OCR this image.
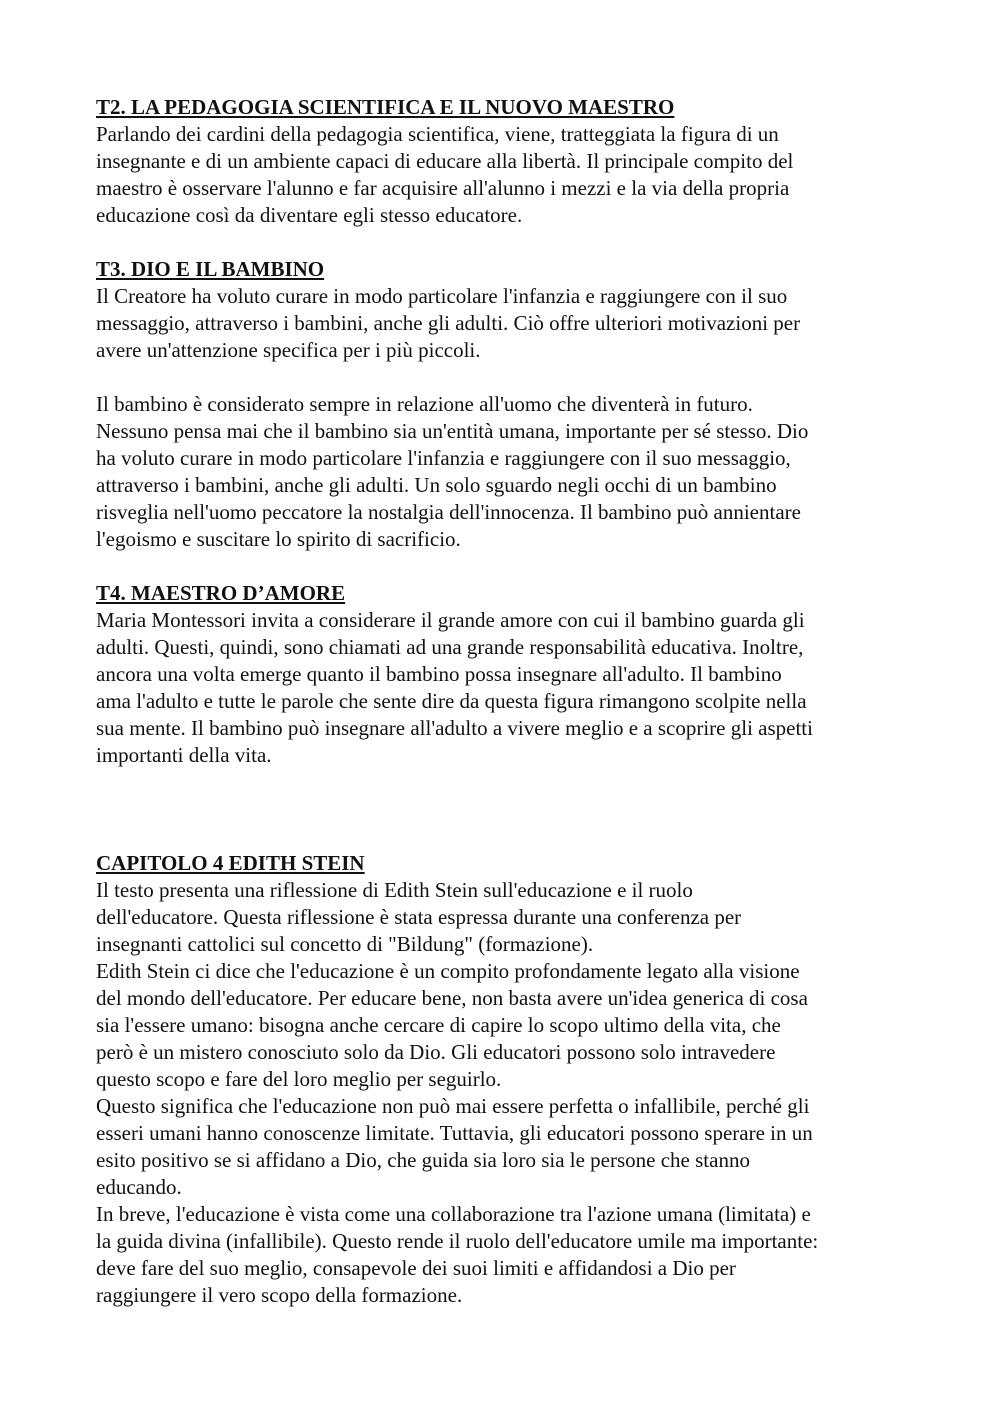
T2. LA PEDAGOGIA SCIENTIFICA E IL NUOVO MAESTRO

Parlando dei cardini della pedagogia scientifica, viene, tratteggiata la figura di un
insegnante e di un ambiente capaci di educare alla libertà. Il principale compito del
maestro è osservare l'alunno e far acquisire all'alunno i mezzi e la via della propria
educazione così da diventare egli stesso educatore.

T3. DIO E IL BAMBINO

Il Creatore ha voluto curare in modo particolare l'infanzia e raggiungere con il suo
messaggio, attraverso i bambini, anche gli adulti. Ciò offre ulteriori motivazioni per
avere un'attenzione specifica per i più piccoli.
Il bambino è considerato sempre in relazione all'uomo che diventerà in futuro.
Nessuno pensa mai che il bambino sia un'entità umana, importante per sé stesso. Dio
ha voluto curare in modo particolare l'infanzia e raggiungere con il suo messaggio,
attraverso i bambini, anche gli adulti. Un solo sguardo negli occhi di un bambino
risveglia nell'uomo peccatore la nostalgia dell'innocenza. Il bambino può annientare
l'egoismo e suscitare lo spirito di sacrificio.

T4. MAESTRO D’AMORE

Maria Montessori invita a considerare il grande amore con cui il bambino guarda gli
adulti. Questi, quindi, sono chiamati ad una grande responsabilità educativa. Inoltre,
ancora una volta emerge quanto il bambino possa insegnare all'adulto. Il bambino
ama l'adulto e tutte le parole che sente dire da questa figura rimangono scolpite nella
sua mente. Il bambino può insegnare all'adulto a vivere meglio e a scoprire gli aspetti
importanti della vita.

CAPITOLO 4 EDITH STEIN

Il testo presenta una riflessione di Edith Stein sull'educazione e il ruolo
dell'educatore. Questa riflessione è stata espressa durante una conferenza per
insegnanti cattolici sul concetto di "Bildung" (formazione).
Edith Stein ci dice che l'educazione è un compito profondamente legato alla visione
del mondo dell'educatore. Per educare bene, non basta avere un'idea generica di cosa
sia l'essere umano: bisogna anche cercare di capire lo scopo ultimo della vita, che
però è un mistero conosciuto solo da Dio. Gli educatori possono solo intravedere
questo scopo e fare del loro meglio per seguirlo.
Questo significa che l'educazione non può mai essere perfetta o infallibile, perché gli
esseri umani hanno conoscenze limitate. Tuttavia, gli educatori possono sperare in un
esito positivo se si affidano a Dio, che guida sia loro sia le persone che stanno
educando.
In breve, l'educazione è vista come una collaborazione tra l'azione umana (limitata) e
la guida divina (infallibile). Questo rende il ruolo dell'educatore umile ma importante:
deve fare del suo meglio, consapevole dei suoi limiti e affidandosi a Dio per
raggiungere il vero scopo della formazione.
